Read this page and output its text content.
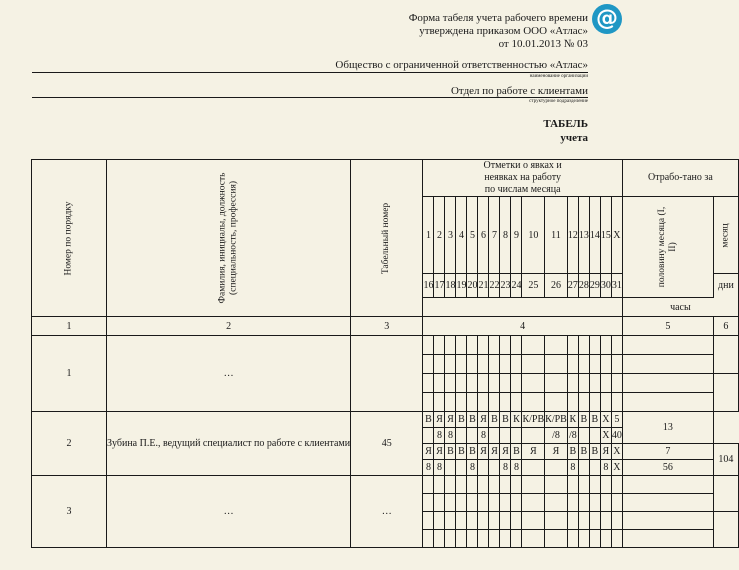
@
Форма табеля учета рабочего времени
утверждена приказом ООО «Атлас»
от 10.01.2013 № 03
Общество с ограниченной ответственностью «Атлас»
наименование организации
Отдел по работе с клиентами
структурное подразделение
ТАБЕЛЬ
учета
Номер по порядку	Фамилия, инициалы, должность (специальность, профессия)	Табельный номер	Отметки о явках и неявках на работу по числам месяца																Отрабо-тано за	
			1	2	3	4	5	6	7	8	9	10	11	12	13	14	15	X	половину месяца (I, II)	месяц
			16	17	18	19	20	21	22	23	24	25	26	27	28	29	30	31		дни
																			часы	
1	2	3	4																5	6
1	…																			

2	Зубина П.Е., ведущий специалист по работе с клиентами	45	В	Я	Я	В	В	Я	В	В	К	К/РВ	К/РВ	К	В	В	X	5	13	
				8	8			8					/8	/8			X	40		
			Я	Я	В	В	В	Я	Я	Я	В	Я	Я	В	В	В	Я	X	7	104
			8	8			8			8	8			8			8	X	56	
3	…	…																		
